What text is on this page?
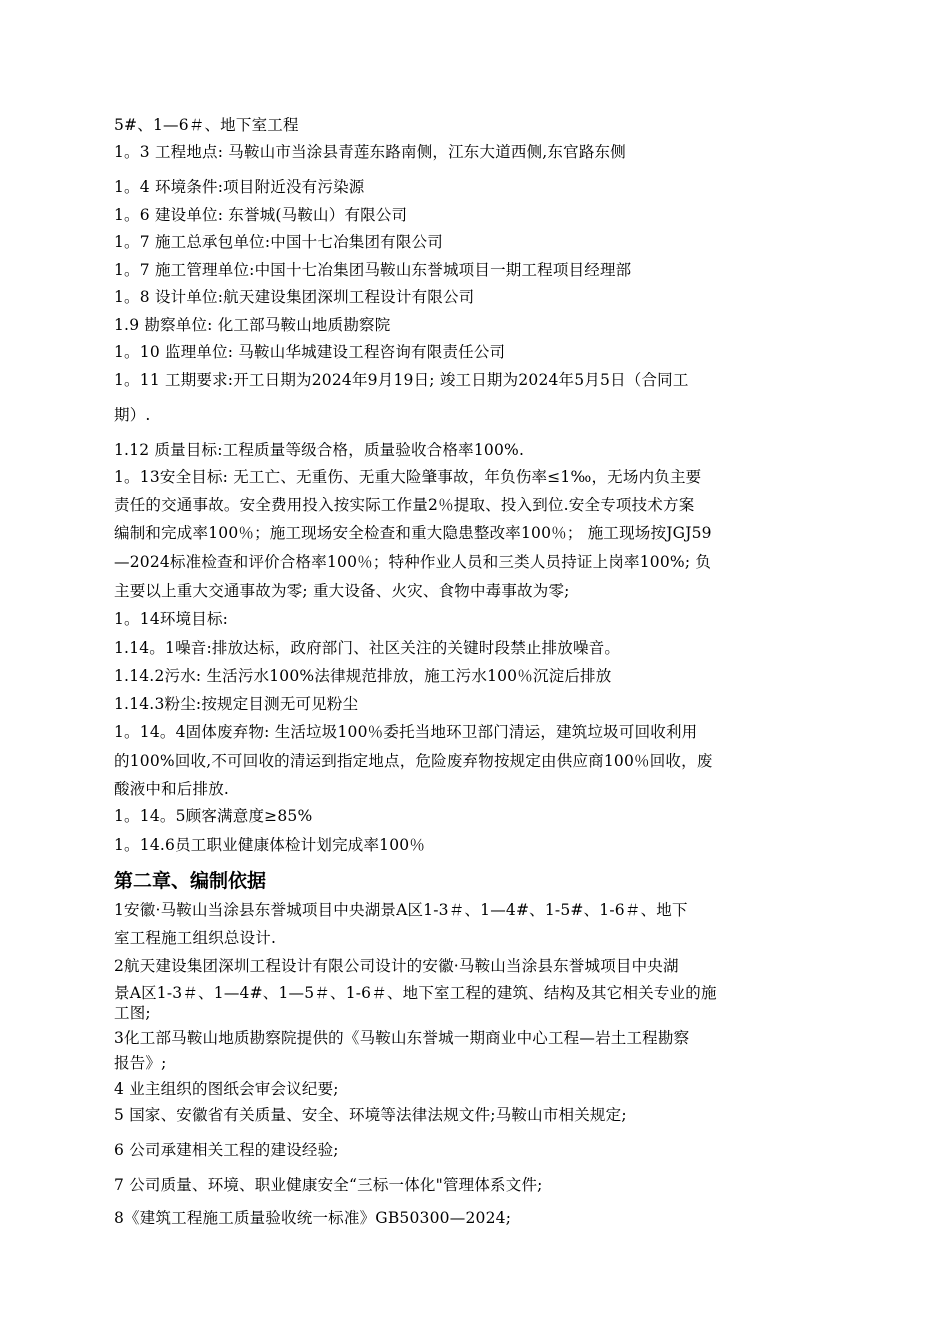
5#、1—6＃、地下室工程
1。3 工程地点: 马鞍山市当涂县青莲东路南侧，江东大道西侧,东官路东侧
1。4 环境条件:项目附近没有污染源
1。6 建设单位: 东誉城(马鞍山）有限公司
1。7 施工总承包单位:中国十七冶集团有限公司
1。7 施工管理单位:中国十七冶集团马鞍山东誉城项目一期工程项目经理部
1。8 设计单位:航天建设集团深圳工程设计有限公司
1.9 勘察单位: 化工部马鞍山地质勘察院
1。10 监理单位: 马鞍山华城建设工程咨询有限责任公司
1。11 工期要求:开工日期为2024年9月19日; 竣工日期为2024年5月5日（合同工
期）.
1.12 质量目标:工程质量等级合格，质量验收合格率100%.
1。13安全目标: 无工亡、无重伤、无重大险肇事故，年负伤率≤1‰，无场内负主要
责任的交通事故。安全费用投入按实际工作量2％提取、投入到位.安全专项技术方案
编制和完成率100％；施工现场安全检查和重大隐患整改率100％； 施工现场按JGJ59
—2024标准检查和评价合格率100％；特种作业人员和三类人员持证上岗率100%; 负
主要以上重大交通事故为零; 重大设备、火灾、食物中毒事故为零;
1。14环境目标:
1.14。1噪音:排放达标，政府部门、社区关注的关键时段禁止排放噪音。
1.14.2污水: 生活污水100%法律规范排放，施工污水100％沉淀后排放
1.14.3粉尘:按规定目测无可见粉尘
1。14。4固体废弃物: 生活垃圾100％委托当地环卫部门清运，建筑垃圾可回收利用
的100%回收,不可回收的清运到指定地点，危险废弃物按规定由供应商100％回收，废
酸液中和后排放.
1。14。5顾客满意度≥85%
1。14.6员工职业健康体检计划完成率100％
第二章、编制依据
1安徽·马鞍山当涂县东誉城项目中央湖景A区1-3＃、1—4#、1-5#、1-6＃、地下
室工程施工组织总设计.
2航天建设集团深圳工程设计有限公司设计的安徽·马鞍山当涂县东誉城项目中央湖
景A区1-3＃、1—4#、1—5＃、1-6＃、地下室工程的建筑、结构及其它相关专业的施
工图;
3化工部马鞍山地质勘察院提供的《马鞍山东誉城一期商业中心工程—岩土工程勘察
报告》;
4 业主组织的图纸会审会议纪要;
5 国家、安徽省有关质量、安全、环境等法律法规文件;马鞍山市相关规定;
6 公司承建相关工程的建设经验;
7 公司质量、环境、职业健康安全“三标一体化"管理体系文件;
8《建筑工程施工质量验收统一标准》GB50300—2024;
